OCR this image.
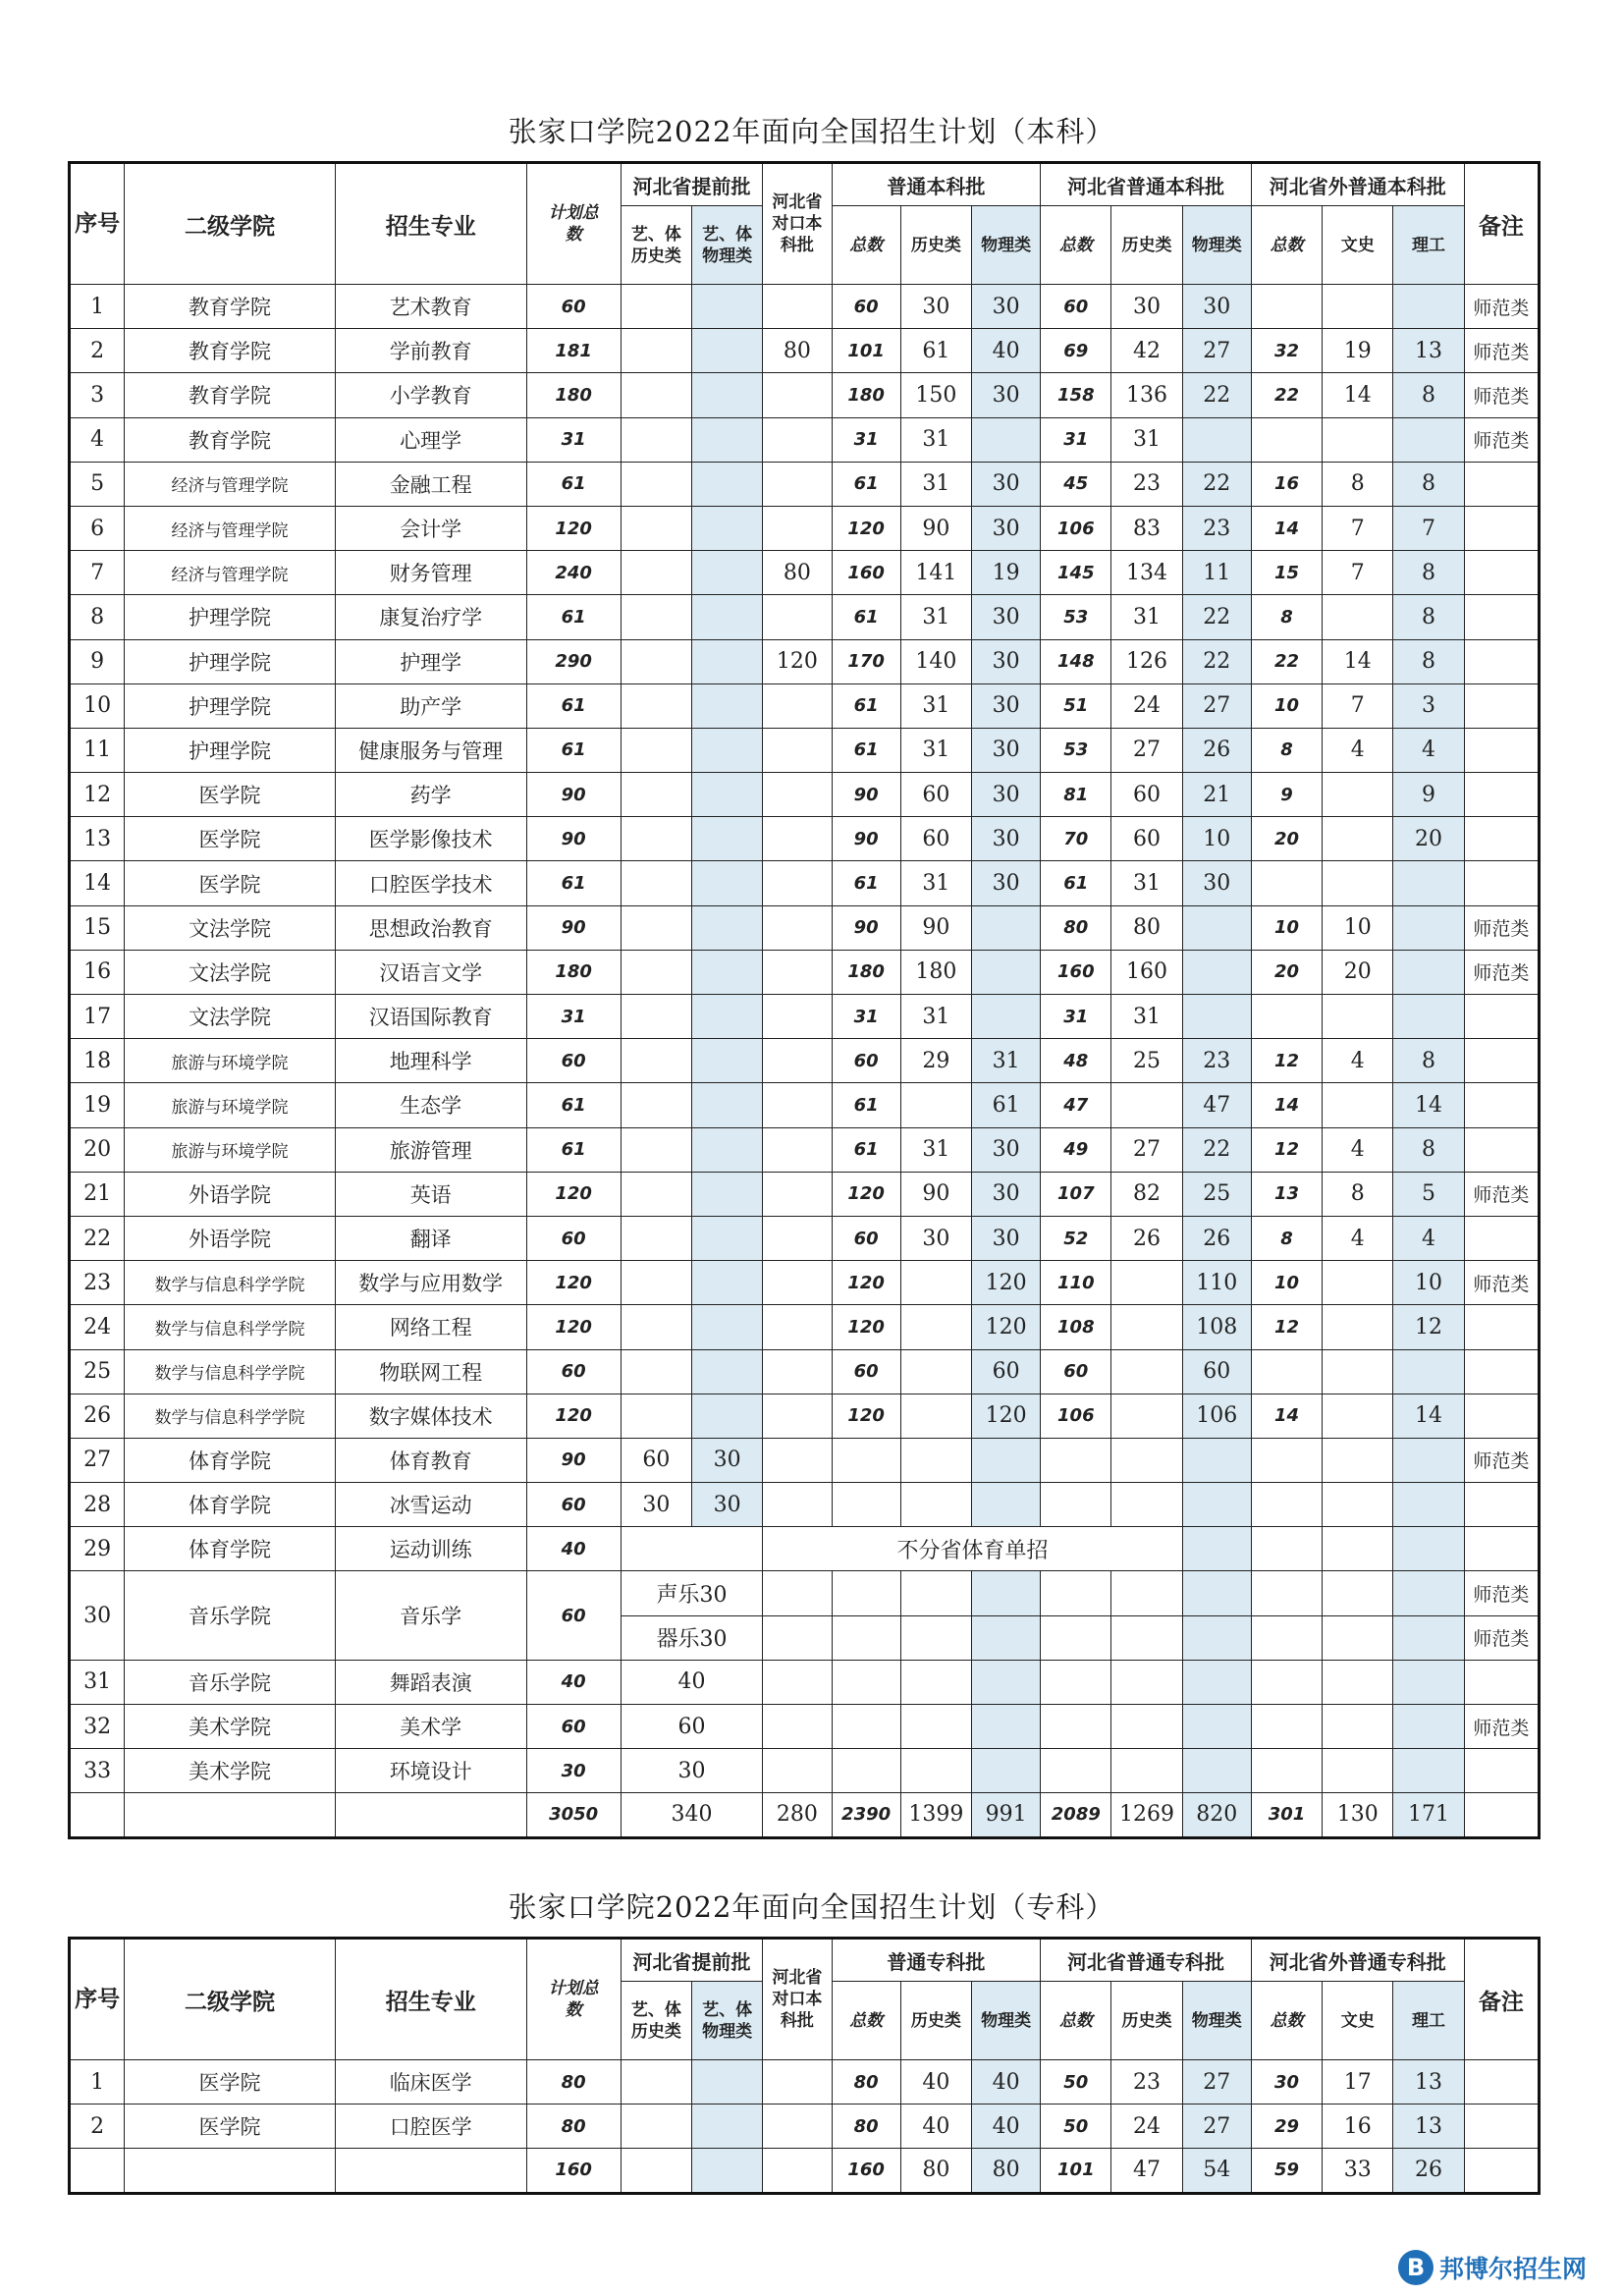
张家口学院2022年面向全国招生计划（本科）
序号	二级学院	招生专业	计划总数	河北省提前批		河北省对口本科批	普通本科批			河北省普通本科批			河北省外普通本科批			备注
				艺、体历史类	艺、体物理类		总数	历史类	物理类	总数	历史类	物理类	总数	文史	理工	
1	教育学院	艺术教育	60				60	30	30	60	30	30				师范类
2	教育学院	学前教育	181			80	101	61	40	69	42	27	32	19	13	师范类
3	教育学院	小学教育	180				180	150	30	158	136	22	22	14	8	师范类
4	教育学院	心理学	31				31	31		31	31					师范类
5	经济与管理学院	金融工程	61				61	31	30	45	23	22	16	8	8	
6	经济与管理学院	会计学	120				120	90	30	106	83	23	14	7	7	
7	经济与管理学院	财务管理	240			80	160	141	19	145	134	11	15	7	8	
8	护理学院	康复治疗学	61				61	31	30	53	31	22	8		8	
9	护理学院	护理学	290			120	170	140	30	148	126	22	22	14	8	
10	护理学院	助产学	61				61	31	30	51	24	27	10	7	3	
11	护理学院	健康服务与管理	61				61	31	30	53	27	26	8	4	4	
12	医学院	药学	90				90	60	30	81	60	21	9		9	
13	医学院	医学影像技术	90				90	60	30	70	60	10	20		20	
14	医学院	口腔医学技术	61				61	31	30	61	31	30				
15	文法学院	思想政治教育	90				90	90		80	80		10	10		师范类
16	文法学院	汉语言文学	180				180	180		160	160		20	20		师范类
17	文法学院	汉语国际教育	31				31	31		31	31					
18	旅游与环境学院	地理科学	60				60	29	31	48	25	23	12	4	8	
19	旅游与环境学院	生态学	61				61		61	47		47	14		14	
20	旅游与环境学院	旅游管理	61				61	31	30	49	27	22	12	4	8	
21	外语学院	英语	120				120	90	30	107	82	25	13	8	5	师范类
22	外语学院	翻译	60				60	30	30	52	26	26	8	4	4	
23	数学与信息科学学院	数学与应用数学	120				120		120	110		110	10		10	师范类
24	数学与信息科学学院	网络工程	120				120		120	108		108	12		12	
25	数学与信息科学学院	物联网工程	60				60		60	60		60				
26	数学与信息科学学院	数字媒体技术	120				120		120	106		106	14		14	
27	体育学院	体育教育	90	60	30											师范类
28	体育学院	冰雪运动	60	30	30											
29	体育学院	运动训练	40			不分省体育单招										
30	音乐学院	音乐学	60	声乐30												师范类
				器乐30												师范类
31	音乐学院	舞蹈表演	40	40												
32	美术学院	美术学	60	60												师范类
33	美术学院	环境设计	30	30												
			3050	340		280	2390	1399	991	2089	1269	820	301	130	171	
张家口学院2022年面向全国招生计划（专科）
序号	二级学院	招生专业	计划总数	河北省提前批		河北省对口本科批	普通专科批			河北省普通专科批			河北省外普通专科批			备注
				艺、体历史类	艺、体物理类		总数	历史类	物理类	总数	历史类	物理类	总数	文史	理工	
1	医学院	临床医学	80				80	40	40	50	23	27	30	17	13	
2	医学院	口腔医学	80				80	40	40	50	24	27	29	16	13	
			160				160	80	80	101	47	54	59	33	26	
B 邦博尔招生网
